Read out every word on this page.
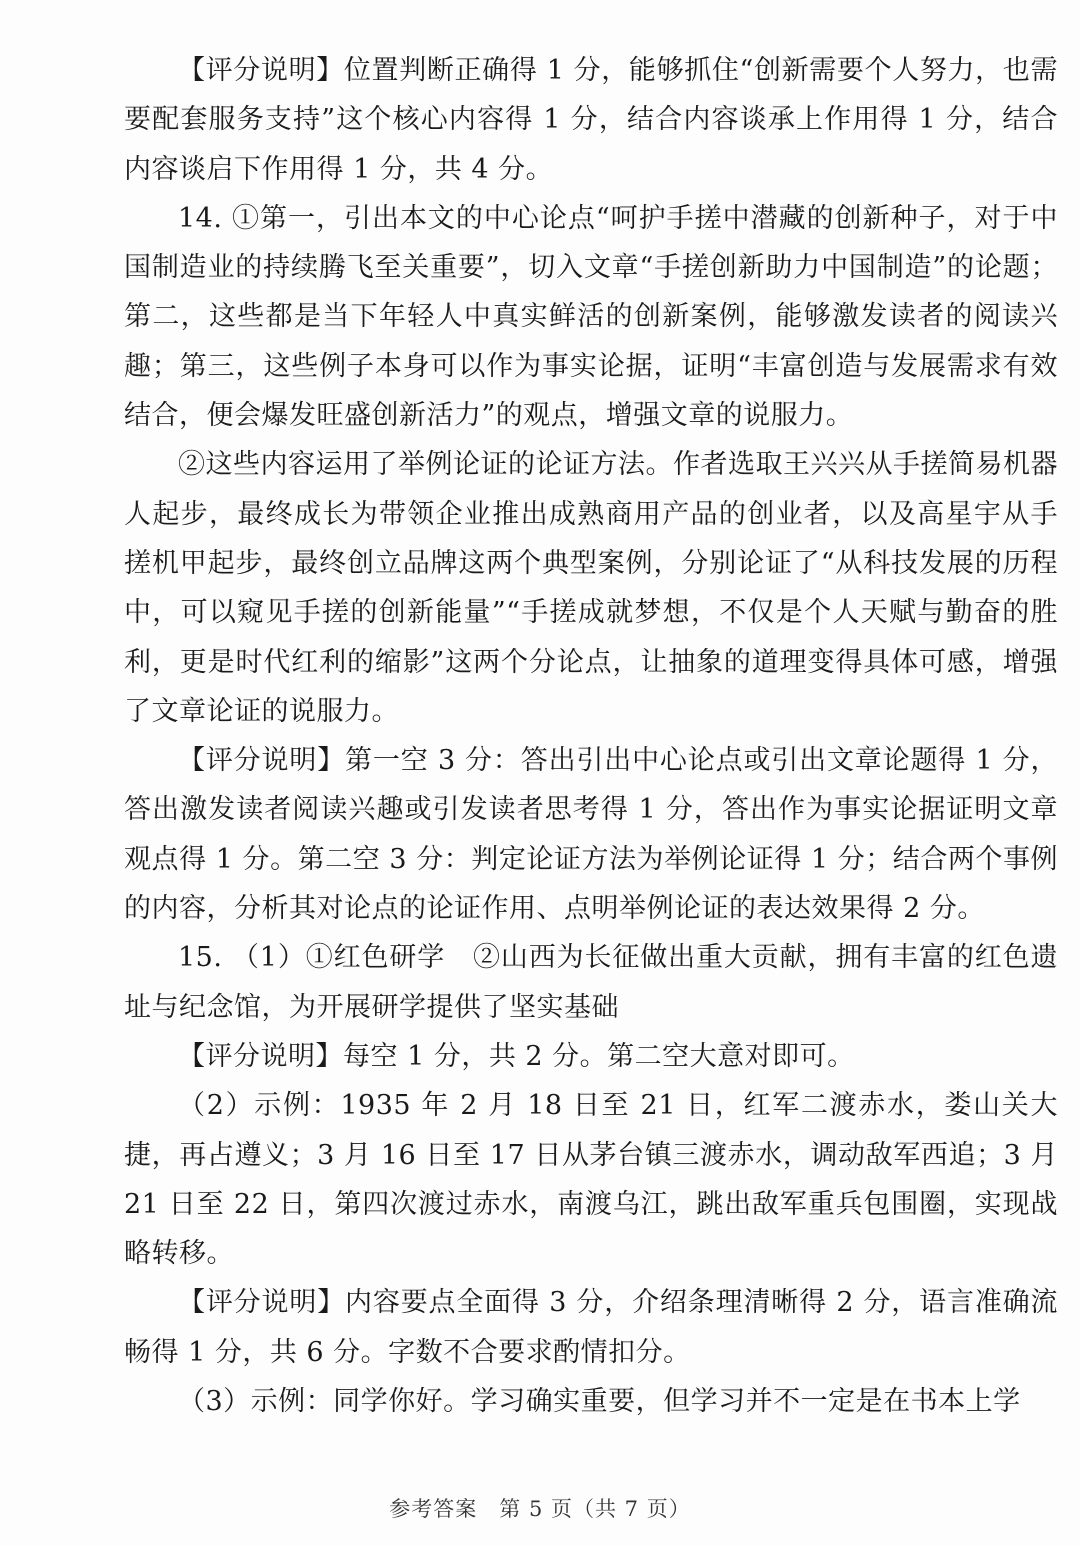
【评分说明】位置判断正确得 1 分，能够抓住“创新需要个人努力，也需要配套服务支持”这个核心内容得 1 分，结合内容谈承上作用得 1 分，结合内容谈启下作用得 1 分，共 4 分。

14. ①第一，引出本文的中心论点“呵护手搓中潜藏的创新种子，对于中国制造业的持续腾飞至关重要”，切入文章“手搓创新助力中国制造”的论题；第二，这些都是当下年轻人中真实鲜活的创新案例，能够激发读者的阅读兴趣；第三，这些例子本身可以作为事实论据，证明“丰富创造与发展需求有效结合，便会爆发旺盛创新活力”的观点，增强文章的说服力。

②这些内容运用了举例论证的论证方法。作者选取王兴兴从手搓简易机器人起步，最终成长为带领企业推出成熟商用产品的创业者，以及高星宇从手搓机甲起步，最终创立品牌这两个典型案例，分别论证了“从科技发展的历程中，可以窥见手搓的创新能量”“手搓成就梦想，不仅是个人天赋与勤奋的胜利，更是时代红利的缩影”这两个分论点，让抽象的道理变得具体可感，增强了文章论证的说服力。

【评分说明】第一空 3 分：答出引出中心论点或引出文章论题得 1 分，答出激发读者阅读兴趣或引发读者思考得 1 分，答出作为事实论据证明文章观点得 1 分。第二空 3 分：判定论证方法为举例论证得 1 分；结合两个事例的内容，分析其对论点的论证作用、点明举例论证的表达效果得 2 分。

15. （1）①红色研学　②山西为长征做出重大贡献，拥有丰富的红色遗址与纪念馆，为开展研学提供了坚实基础

【评分说明】每空 1 分，共 2 分。第二空大意对即可。

（2）示例：1935 年 2 月 18 日至 21 日，红军二渡赤水，娄山关大捷，再占遵义；3 月 16 日至 17 日从茅台镇三渡赤水，调动敌军西追；3 月 21 日至 22 日，第四次渡过赤水，南渡乌江，跳出敌军重兵包围圈，实现战略转移。

【评分说明】内容要点全面得 3 分，介绍条理清晰得 2 分，语言准确流畅得 1 分，共 6 分。字数不合要求酌情扣分。

（3）示例：同学你好。学习确实重要，但学习并不一定是在书本上学

参考答案　第 5 页（共 7 页）
